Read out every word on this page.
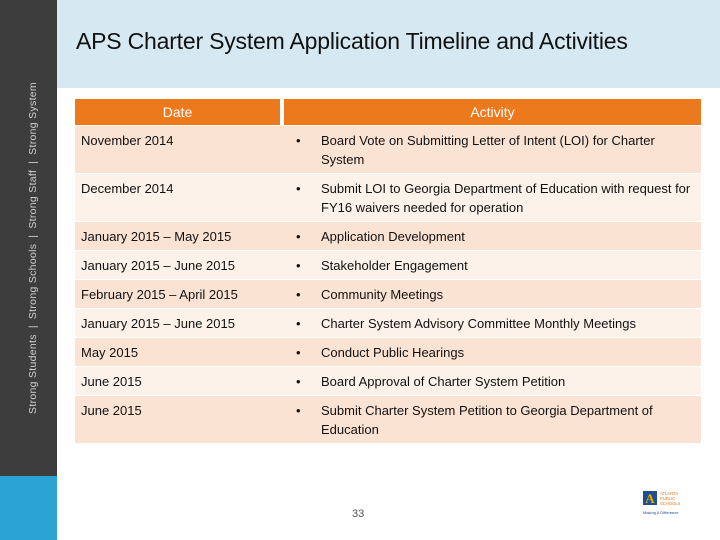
Strong Students|Strong Schools|Strong Staff|Strong System
APS Charter System Application Timeline and Activities
Date		Activity
November 2014		• Board Vote on Submitting Letter of Intent (LOI) for Charter System

December 2014		• Submit LOI to Georgia Department of Education with request for FY16 waivers needed for operation

January 2015 – May 2015		• Application Development

January 2015 – June 2015		• Stakeholder Engagement

February 2015 – April 2015		• Community Meetings

January 2015 – June 2015		• Charter System Advisory Committee Monthly Meetings

May 2015		• Conduct Public Hearings

June 2015		• Board Approval of Charter System Petition

June 2015		• Submit Charter System Petition to Georgia Department of Education
33
A ATLANTA
PUBLIC
SCHOOLS
Making A Difference
